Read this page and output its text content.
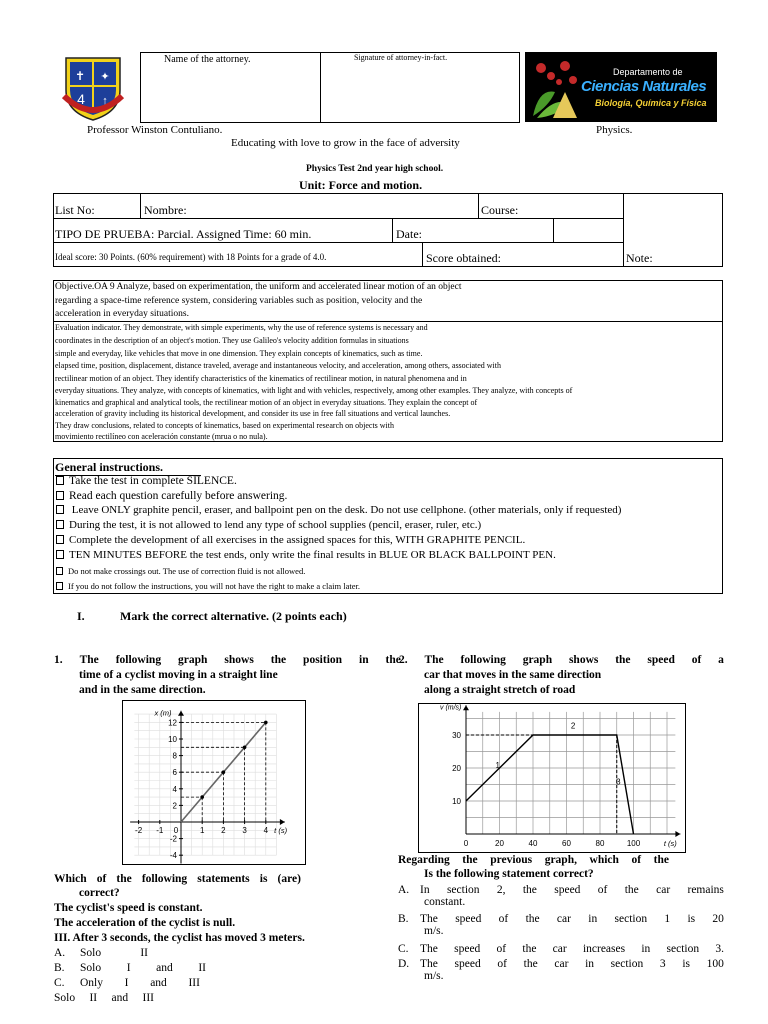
✝ ✦
4 ↑
Name of the attorney.	Signature of attorney-in-fact.
Departamento de
Ciencias Naturales
Biología, Química y Física
Professor Winston Contuliano.	Physics.
Educating with love to grow in the face of adversity
Physics Test 2nd year high school.
Unit: Force and motion.
List No:	Nombre:	Course:
TIPO DE PRUEBA: Parcial. Assigned Time: 60 min.	Date:
Ideal score: 30 Points. (60% requirement) with 18 Points for a grade of 4.0.	Score obtained:	Note:
Objective.OA 9 Analyze, based on experimentation, the uniform and accelerated linear motion of an object
regarding a space-time reference system, considering variables such as position, velocity and the
acceleration in everyday situations.
Evaluation indicator. They demonstrate, with simple experiments, why the use of reference systems is necessary and
coordinates in the description of an object's motion. They use Galileo's velocity addition formulas in situations
simple and everyday, like vehicles that move in one dimension. They explain concepts of kinematics, such as time.
elapsed time, position, displacement, distance traveled, average and instantaneous velocity, and acceleration, among others, associated with
rectilinear motion of an object. They identify characteristics of the kinematics of rectilinear motion, in natural phenomena and in
everyday situations. They analyze, with concepts of kinematics, with light and with vehicles, respectively, among other examples. They analyze, with concepts of
kinematics and graphical and analytical tools, the rectilinear motion of an object in everyday situations. They explain the concept of
acceleration of gravity including its historical development, and consider its use in free fall situations and vertical launches.
They draw conclusions, related to concepts of kinematics, based on experimental research on objects with
movimiento rectilíneo con aceleración constante (mrua o no nula).
General instructions.
Take the test in complete SILENCE.
Read each question carefully before answering.
Leave ONLY graphite pencil, eraser, and ballpoint pen on the desk. Do not use cellphone. (other materials, only if requested)
During the test, it is not allowed to lend any type of school supplies (pencil, eraser, ruler, etc.)
Complete the development of all exercises in the assigned spaces for this, WITH GRAPHITE PENCIL.
TEN MINUTES BEFORE the test ends, only write the final results in BLUE OR BLACK BALLPOINT PEN.
Do not make crossings out. The use of correction fluid is not allowed.
If you do not follow the instructions, you will not have the right to make a claim later.
I.	Mark the correct alternative. (2 points each)
1. The following graph shows the position in the
time of a cyclist moving in a straight line
and in the same direction.
-2 -1 0	1 2 3 4
-4
-2
2
4
6
8
10
12
t (s)
x (m)
Which of the following statements is (are)
correct?
The cyclist's speed is constant.
The acceleration of the cyclist is null.
III. After 3 seconds, the cyclist has moved 3 meters.
A. Solo	II
B. Solo I and II
C. Only I and III
Solo II and III
2. The following graph shows the speed of a
car that moves in the same direction
along a straight stretch of road
0	20	40	60	80	100
10
20
30
t (s)
v (m/s)
1
2
3
Regarding the previous graph, which of the
Is the following statement correct?
A. In section 2, the speed of the car remains
constant.
B. The speed of the car in section 1 is 20
m/s.
C. The speed of the car increases in section 3.
D. The speed of the car in section 3 is 100
m/s.
